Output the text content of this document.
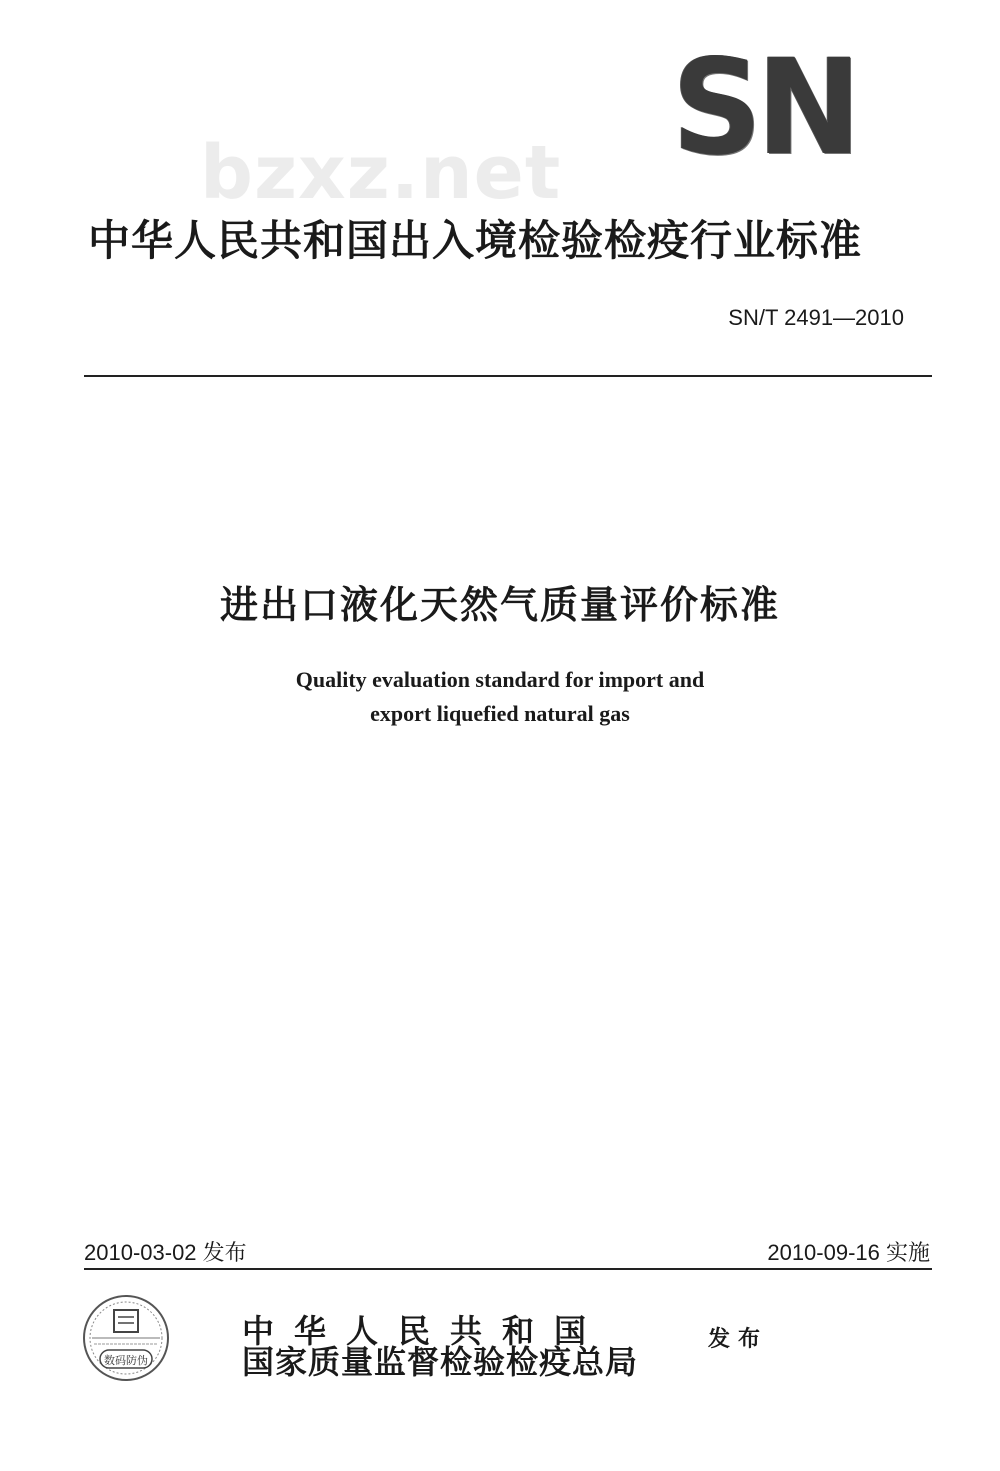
bzxz.net SN
中华人民共和国出入境检验检疫行业标准
SN/T 2491—2010
进出口液化天然气质量评价标准
Quality evaluation standard for import and
export liquefied natural gas
2010-03-02 发布	2010-09-16 实施
数码防伪
中华人民共和国
国家质量监督检验检疫总局
发布
